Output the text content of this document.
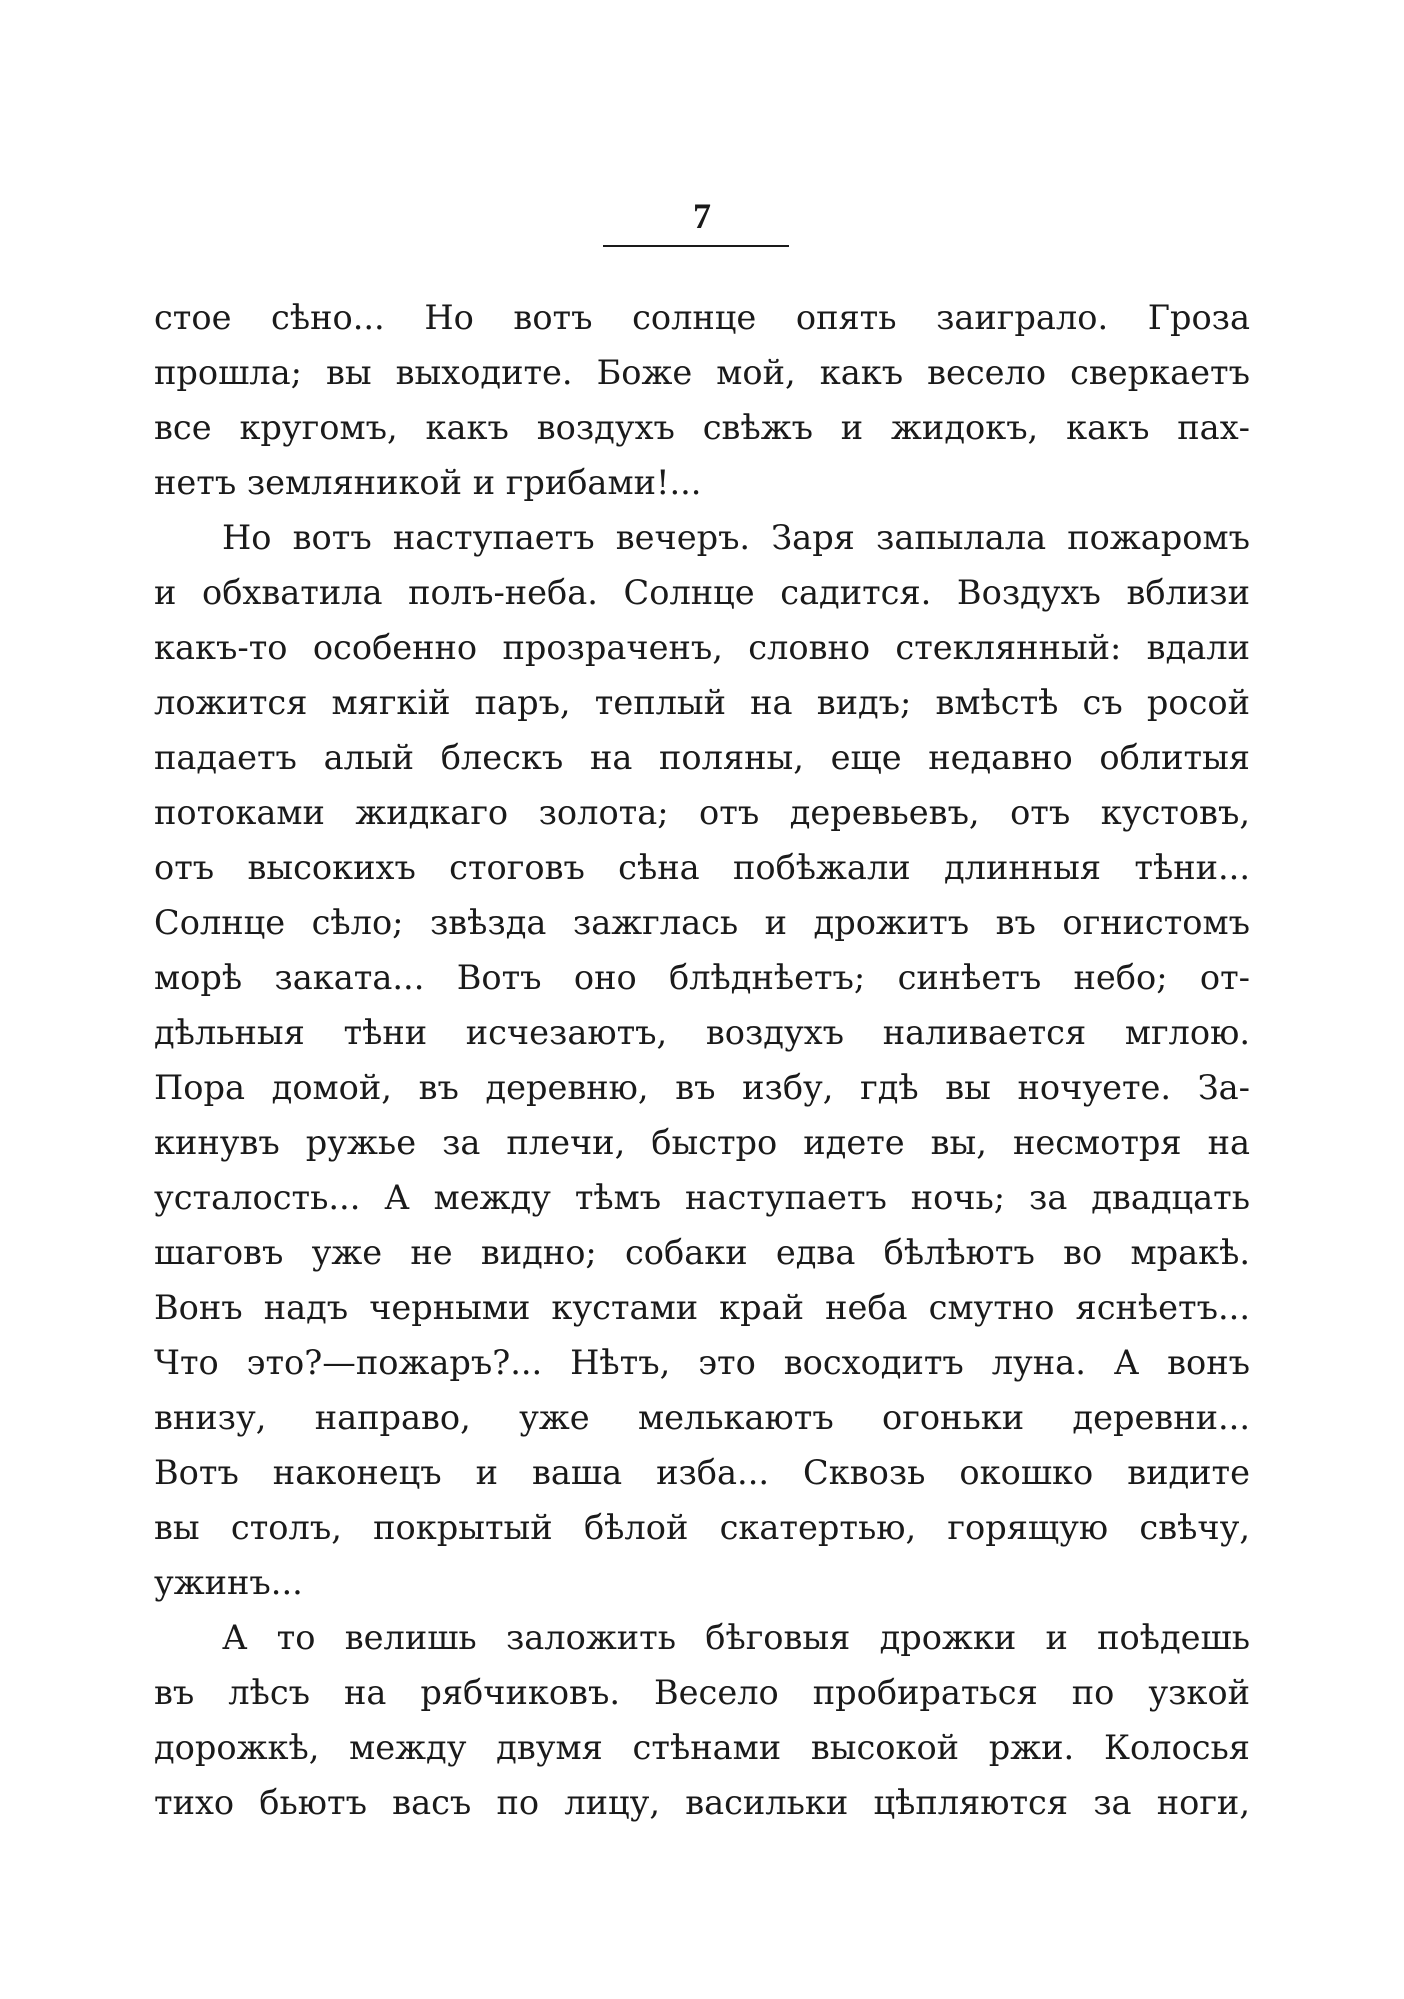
7
стое сѣно... Но вотъ солнце опять заиграло. Гроза
прошла; вы выходите. Боже мой, какъ весело сверкаетъ
все кругомъ, какъ воздухъ свѣжъ и жидокъ, какъ пах-
нетъ земляникой и грибами!...
Но вотъ наступаетъ вечеръ. Заря запылала пожаромъ
и обхватила полъ-неба. Солнце садится. Воздухъ вблизи
какъ-то особенно прозраченъ, словно стеклянный: вдали
ложится мягкій паръ, теплый на видъ; вмѣстѣ съ росой
падаетъ алый блескъ на поляны, еще недавно облитыя
потоками жидкаго золота; отъ деревьевъ, отъ кустовъ,
отъ высокихъ стоговъ сѣна побѣжали длинныя тѣни...
Солнце сѣло; звѣзда зажглась и дрожитъ въ огнистомъ
морѣ заката... Вотъ оно блѣднѣетъ; синѣетъ небо; от-
дѣльныя тѣни исчезаютъ, воздухъ наливается мглою.
Пора домой, въ деревню, въ избу, гдѣ вы ночуете. За-
кинувъ ружье за плечи, быстро идете вы, несмотря на
усталость... А между тѣмъ наступаетъ ночь; за двадцать
шаговъ уже не видно; собаки едва бѣлѣютъ во мракѣ.
Вонъ надъ черными кустами край неба смутно яснѣетъ...
Что это?—пожаръ?... Нѣтъ, это восходитъ луна. А вонъ
внизу, направо, уже мелькаютъ огоньки деревни...
Вотъ наконецъ и ваша изба... Сквозь окошко видите
вы столъ, покрытый бѣлой скатертью, горящую свѣчу,
ужинъ...
А то велишь заложить бѣговыя дрожки и поѣдешь
въ лѣсъ на рябчиковъ. Весело пробираться по узкой
дорожкѣ, между двумя стѣнами высокой ржи. Колосья
тихо бьютъ васъ по лицу, васильки цѣпляются за ноги,
